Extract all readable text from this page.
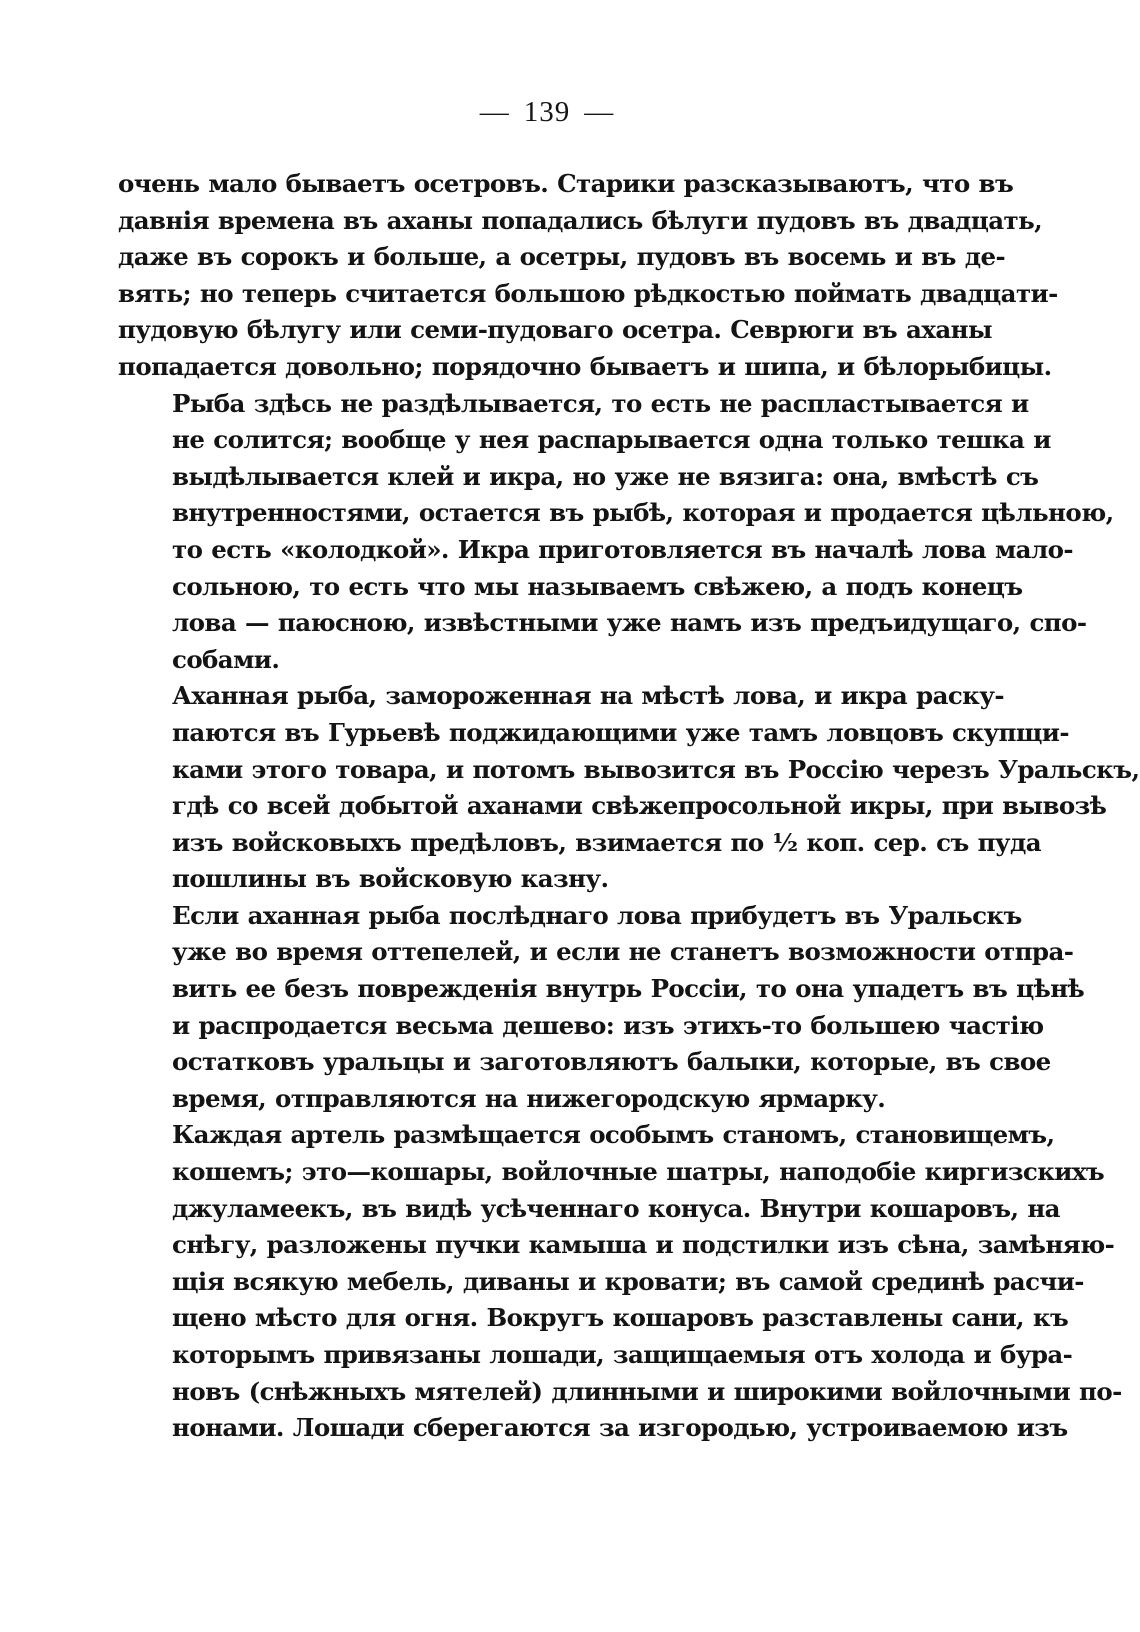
— 139 —

очень мало бываетъ осетровъ. Старики разсказываютъ, что въ
давнія времена въ аханы попадались бѣлуги пудовъ въ двадцать,
даже въ сорокъ и больше, а осетры, пудовъ въ восемь и въ де-
вять; но теперь считается большою рѣдкостью поймать двадцати-
пудовую бѣлугу или семи-пудоваго осетра. Севрюги въ аханы
попадается довольно; порядочно бываетъ и шипа, и бѣлорыбицы.

Рыба здѣсь не раздѣлывается, то есть не распластывается и
не солится; вообще у нея распарывается одна только тешка и
выдѣлывается клей и икра, но уже не вязига: она, вмѣстѣ съ
внутренностями, остается въ рыбѣ, которая и продается цѣльною,
то есть «колодкой». Икра приготовляется въ началѣ лова мало-
сольною, то есть что мы называемъ свѣжею, а подъ конецъ
лова — паюсною, извѣстными уже намъ изъ предъидущаго, спо-
собами.

Аханная рыба, замороженная на мѣстѣ лова, и икра раску-
паются въ Гурьевѣ поджидающими уже тамъ ловцовъ скупщи-
ками этого товара, и потомъ вывозится въ Россію черезъ Уральскъ,
гдѣ со всей добытой аханами свѣжепросольной икры, при вывозѣ
изъ войсковыхъ предѣловъ, взимается по ½ коп. сер. съ пуда
пошлины въ войсковую казну.

Если аханная рыба послѣднаго лова прибудетъ въ Уральскъ
уже во время оттепелей, и если не станетъ возможности отпра-
вить ее безъ поврежденія внутрь Россіи, то она упадетъ въ цѣнѣ
и распродается весьма дешево: изъ этихъ-то большею частію
остатковъ уральцы и заготовляютъ балыки, которые, въ свое
время, отправляются на нижегородскую ярмарку.

Каждая артель размѣщается особымъ станомъ, становищемъ,
кошемъ; это—кошары, войлочные шатры, наподобіе киргизскихъ
джуламеекъ, въ видѣ усѣченнаго конуса. Внутри кошаровъ, на
снѣгу, разложены пучки камыша и подстилки изъ сѣна, замѣняю-
щія всякую мебель, диваны и кровати; въ самой срединѣ расчи-
щено мѣсто для огня. Вокругъ кошаровъ разставлены сани, къ
которымъ привязаны лошади, защищаемыя отъ холода и бура-
новъ (снѣжныхъ мятелей) длинными и широкими войлочными по-
нонами. Лошади сберегаются за изгородью, устроиваемою изъ
